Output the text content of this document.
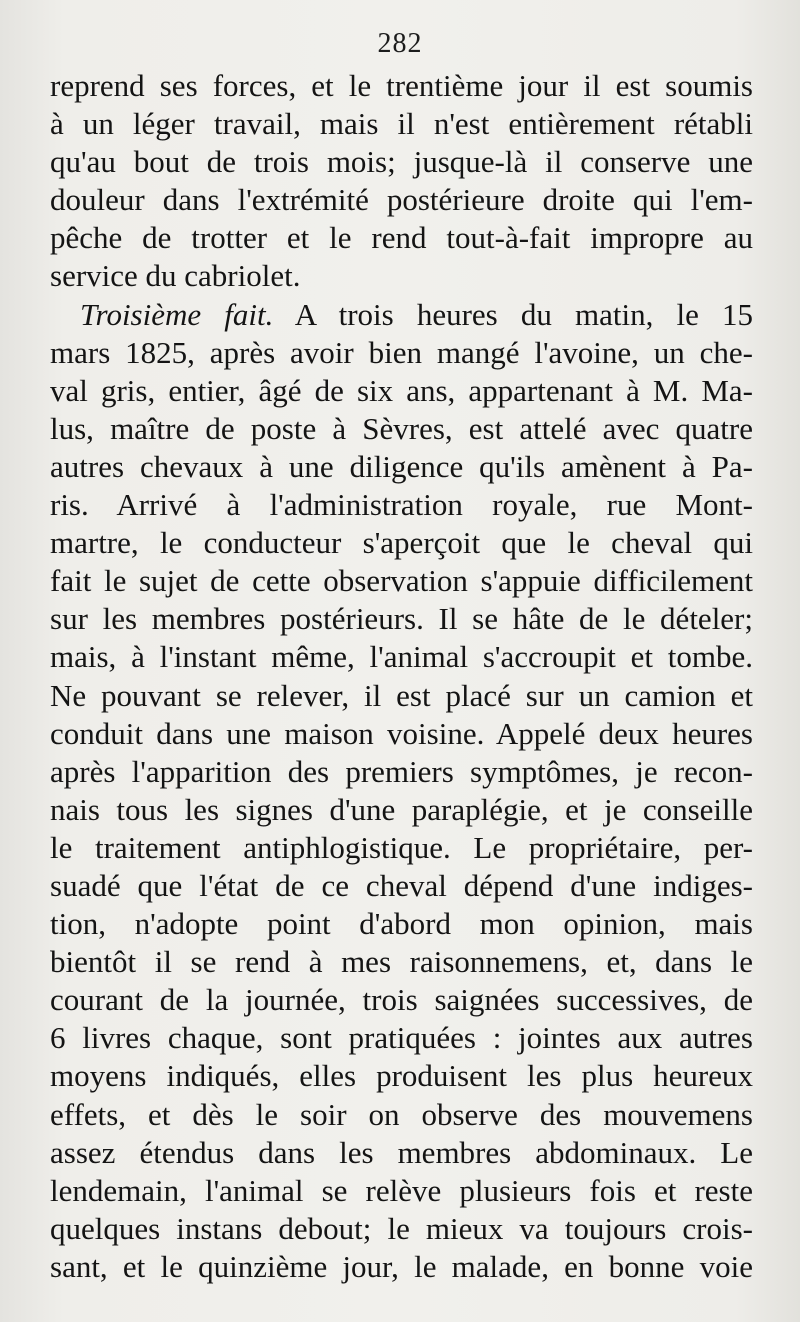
282
reprend ses forces, et le trentième jour il est soumis
à un léger travail, mais il n'est entièrement rétabli
qu'au bout de trois mois; jusque-là il conserve une
douleur dans l'extrémité postérieure droite qui l'em-
pêche de trotter et le rend tout-à-fait impropre au
service du cabriolet.
Troisième fait. A trois heures du matin, le 15
mars 1825, après avoir bien mangé l'avoine, un che-
val gris, entier, âgé de six ans, appartenant à M. Ma-
lus, maître de poste à Sèvres, est attelé avec quatre
autres chevaux à une diligence qu'ils amènent à Pa-
ris. Arrivé à l'administration royale, rue Mont-
martre, le conducteur s'aperçoit que le cheval qui
fait le sujet de cette observation s'appuie difficilement
sur les membres postérieurs. Il se hâte de le dételer;
mais, à l'instant même, l'animal s'accroupit et tombe.
Ne pouvant se relever, il est placé sur un camion et
conduit dans une maison voisine. Appelé deux heures
après l'apparition des premiers symptômes, je recon-
nais tous les signes d'une paraplégie, et je conseille
le traitement antiphlogistique. Le propriétaire, per-
suadé que l'état de ce cheval dépend d'une indiges-
tion, n'adopte point d'abord mon opinion, mais
bientôt il se rend à mes raisonnemens, et, dans le
courant de la journée, trois saignées successives, de
6 livres chaque, sont pratiquées : jointes aux autres
moyens indiqués, elles produisent les plus heureux
effets, et dès le soir on observe des mouvemens
assez étendus dans les membres abdominaux. Le
lendemain, l'animal se relève plusieurs fois et reste
quelques instans debout; le mieux va toujours crois-
sant, et le quinzième jour, le malade, en bonne voie
